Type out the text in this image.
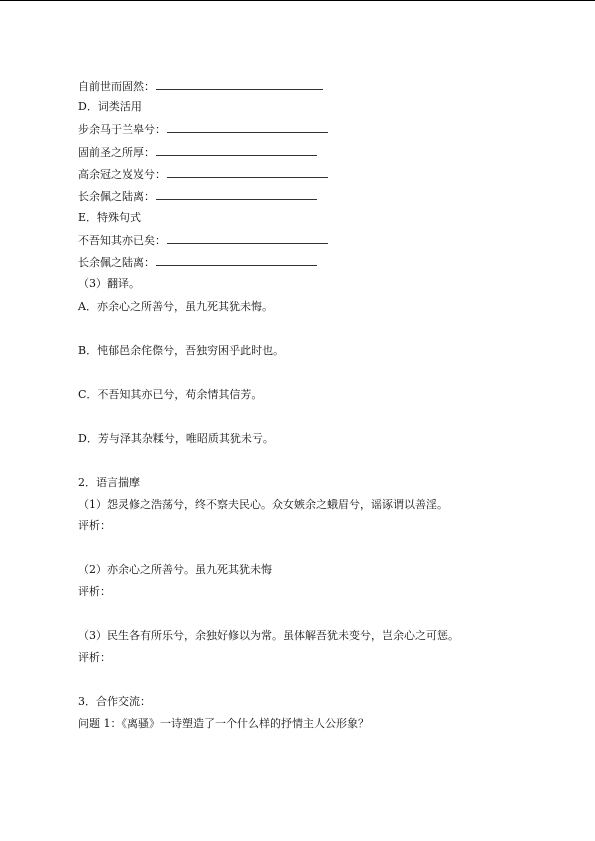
自前世而固然：
D．词类活用
步余马于兰皋兮：
固前圣之所厚：
高余冠之岌岌兮：
长余佩之陆离：
E．特殊句式
不吾知其亦已矣：
长余佩之陆离：
（3）翻译。
A．亦余心之所善兮，虽九死其犹未悔。
B．忳郁邑余侘傺兮，吾独穷困乎此时也。
C．不吾知其亦已兮，苟余情其信芳。
D．芳与泽其杂糅兮，唯昭质其犹未亏。
2．语言揣摩
（1）怨灵修之浩荡兮，终不察夫民心。众女嫉余之蛾眉兮，谣诼谓以善淫。
评析：
（2）亦余心之所善兮。虽九死其犹未悔
评析：
（3）民生各有所乐兮，余独好修以为常。虽体解吾犹未变兮，岂余心之可惩。
评析：
3．合作交流：
问题 1：《离骚》一诗塑造了一个什么样的抒情主人公形象？
